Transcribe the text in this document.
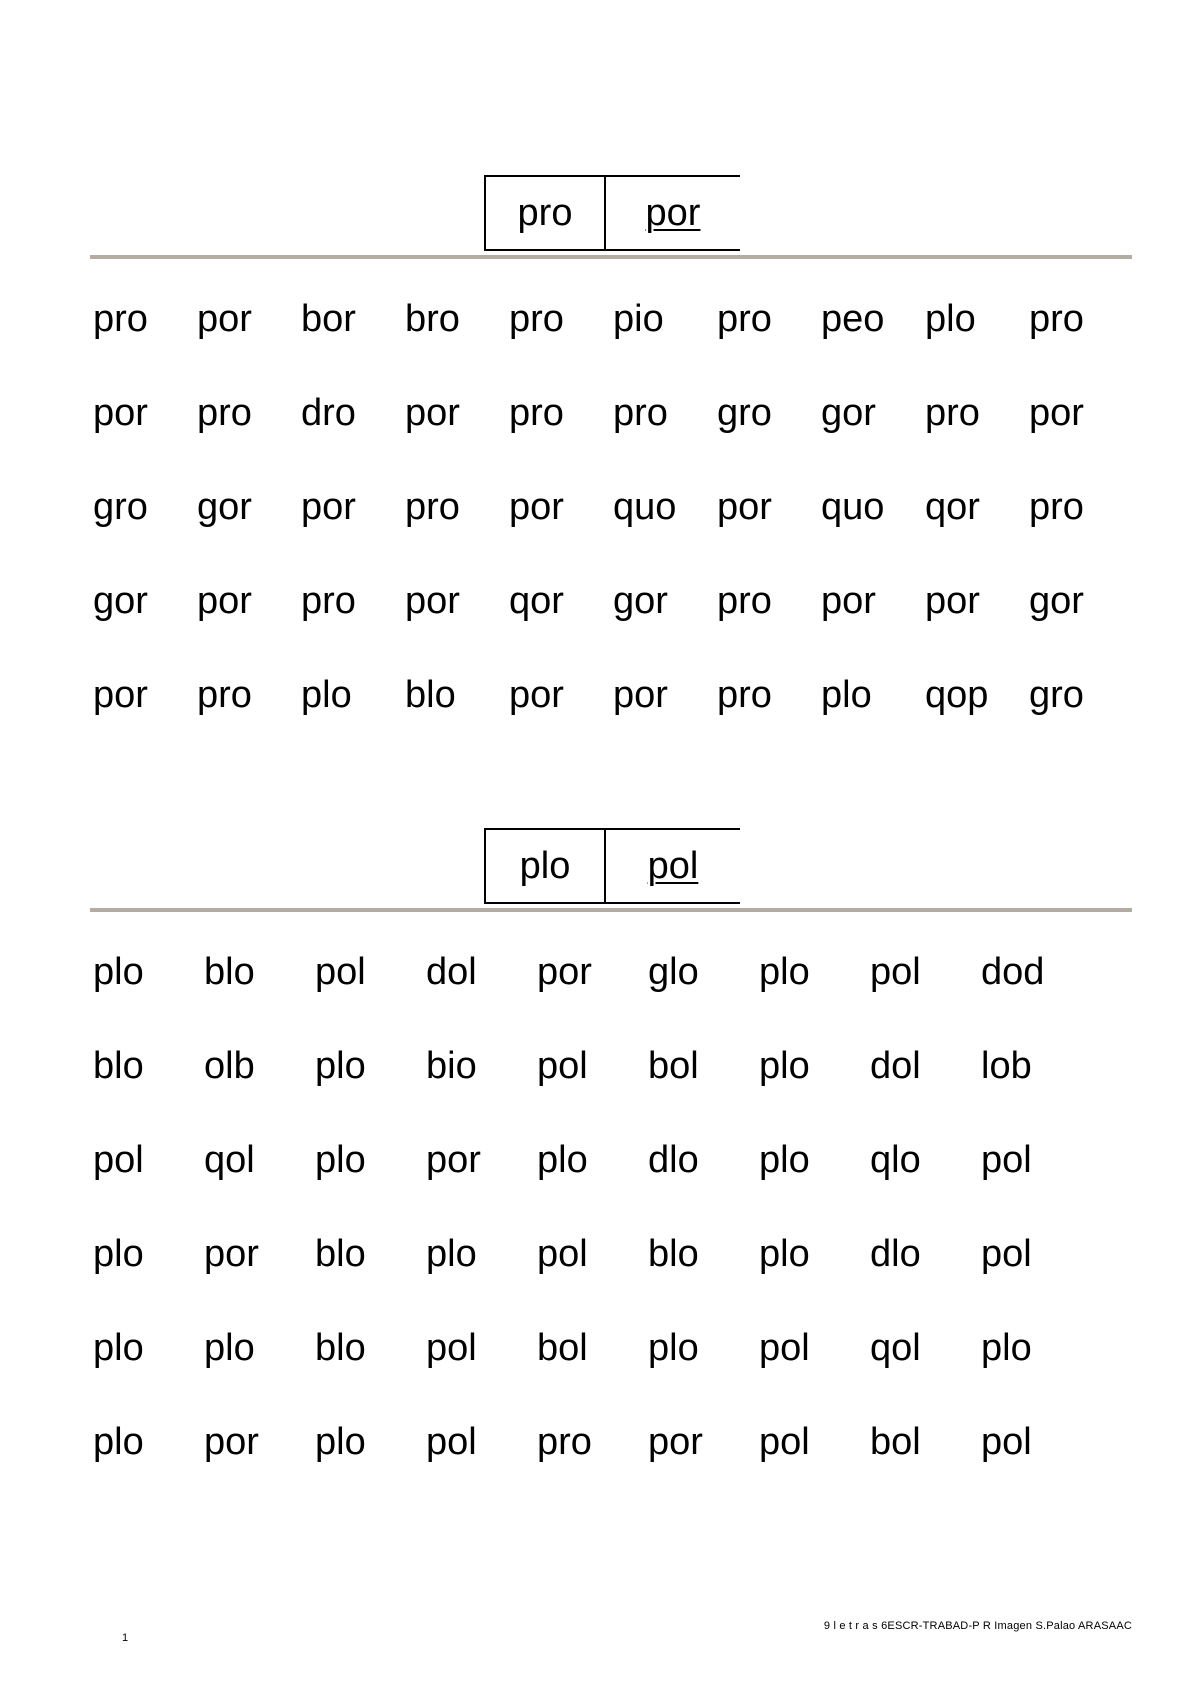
pro por
pro por bor bro pro pio pro peo plo pro
por pro dro por pro pro gro gor pro por
gro gor por pro por quo por quo qor pro
gor por pro por qor gor pro por por gor
por pro plo blo por por pro plo qop gro
plo pol
plo blo pol dol por glo plo pol dod
blo olb plo bio pol bol plo dol lob
pol qol plo por plo dlo plo qlo pol
plo por blo plo pol blo plo dlo pol
plo plo blo pol bol plo pol qol plo
plo por plo pol pro por pol bol pol
1
9 l e t r a s 6ESCR-TRABAD-P R Imagen S.Palao ARASAAC
